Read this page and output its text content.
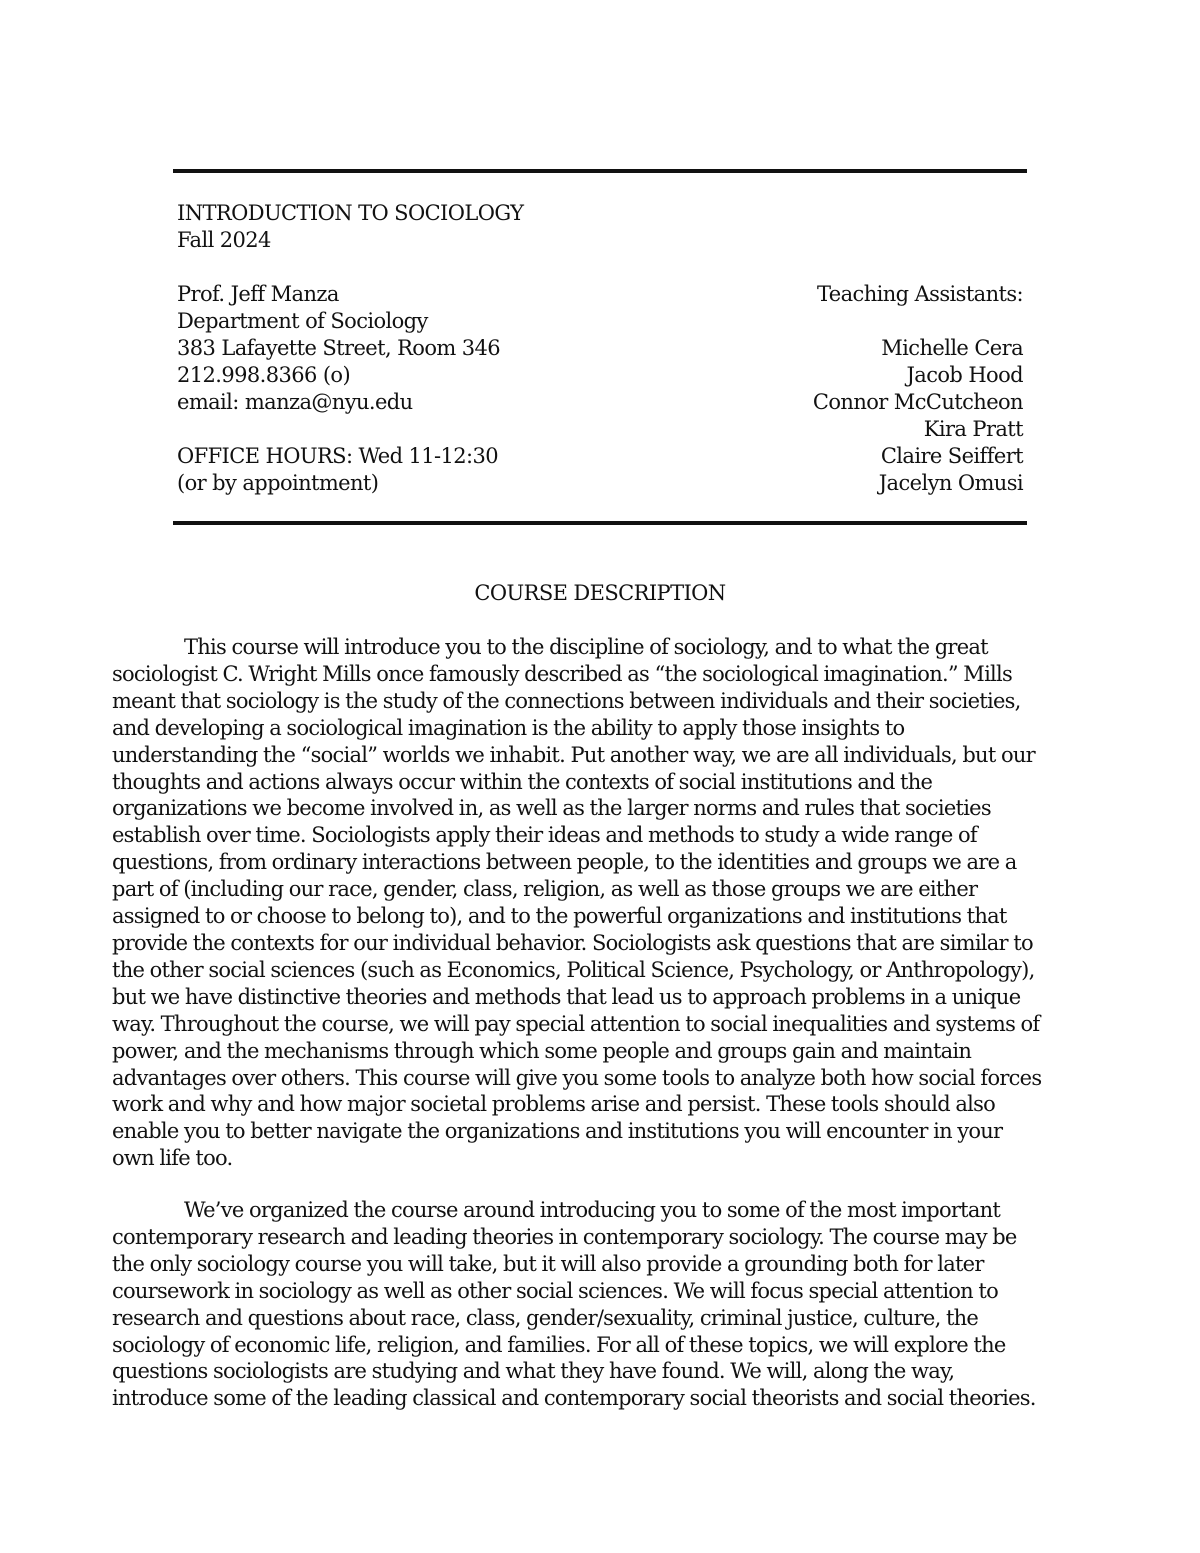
INTRODUCTION TO SOCIOLOGY
Fall 2024
Prof. Jeff Manza
Department of Sociology
383 Lafayette Street, Room 346
212.998.8366 (o)
email: manza@nyu.edu
OFFICE HOURS: Wed 11-12:30
(or by appointment)
Teaching Assistants:
Michelle Cera
Jacob Hood
Connor McCutcheon
Kira Pratt
Claire Seiffert
Jacelyn Omusi
COURSE DESCRIPTION
This course will introduce you to the discipline of sociology, and to what the great
sociologist C. Wright Mills once famously described as “the sociological imagination.” Mills
meant that sociology is the study of the connections between individuals and their societies,
and developing a sociological imagination is the ability to apply those insights to
understanding the “social” worlds we inhabit. Put another way, we are all individuals, but our
thoughts and actions always occur within the contexts of social institutions and the
organizations we become involved in, as well as the larger norms and rules that societies
establish over time. Sociologists apply their ideas and methods to study a wide range of
questions, from ordinary interactions between people, to the identities and groups we are a
part of (including our race, gender, class, religion, as well as those groups we are either
assigned to or choose to belong to), and to the powerful organizations and institutions that
provide the contexts for our individual behavior. Sociologists ask questions that are similar to
the other social sciences (such as Economics, Political Science, Psychology, or Anthropology),
but we have distinctive theories and methods that lead us to approach problems in a unique
way. Throughout the course, we will pay special attention to social inequalities and systems of
power, and the mechanisms through which some people and groups gain and maintain
advantages over others. This course will give you some tools to analyze both how social forces
work and why and how major societal problems arise and persist. These tools should also
enable you to better navigate the organizations and institutions you will encounter in your
own life too.
We’ve organized the course around introducing you to some of the most important
contemporary research and leading theories in contemporary sociology. The course may be
the only sociology course you will take, but it will also provide a grounding both for later
coursework in sociology as well as other social sciences. We will focus special attention to
research and questions about race, class, gender/sexuality, criminal justice, culture, the
sociology of economic life, religion, and families. For all of these topics, we will explore the
questions sociologists are studying and what they have found. We will, along the way,
introduce some of the leading classical and contemporary social theorists and social theories.
